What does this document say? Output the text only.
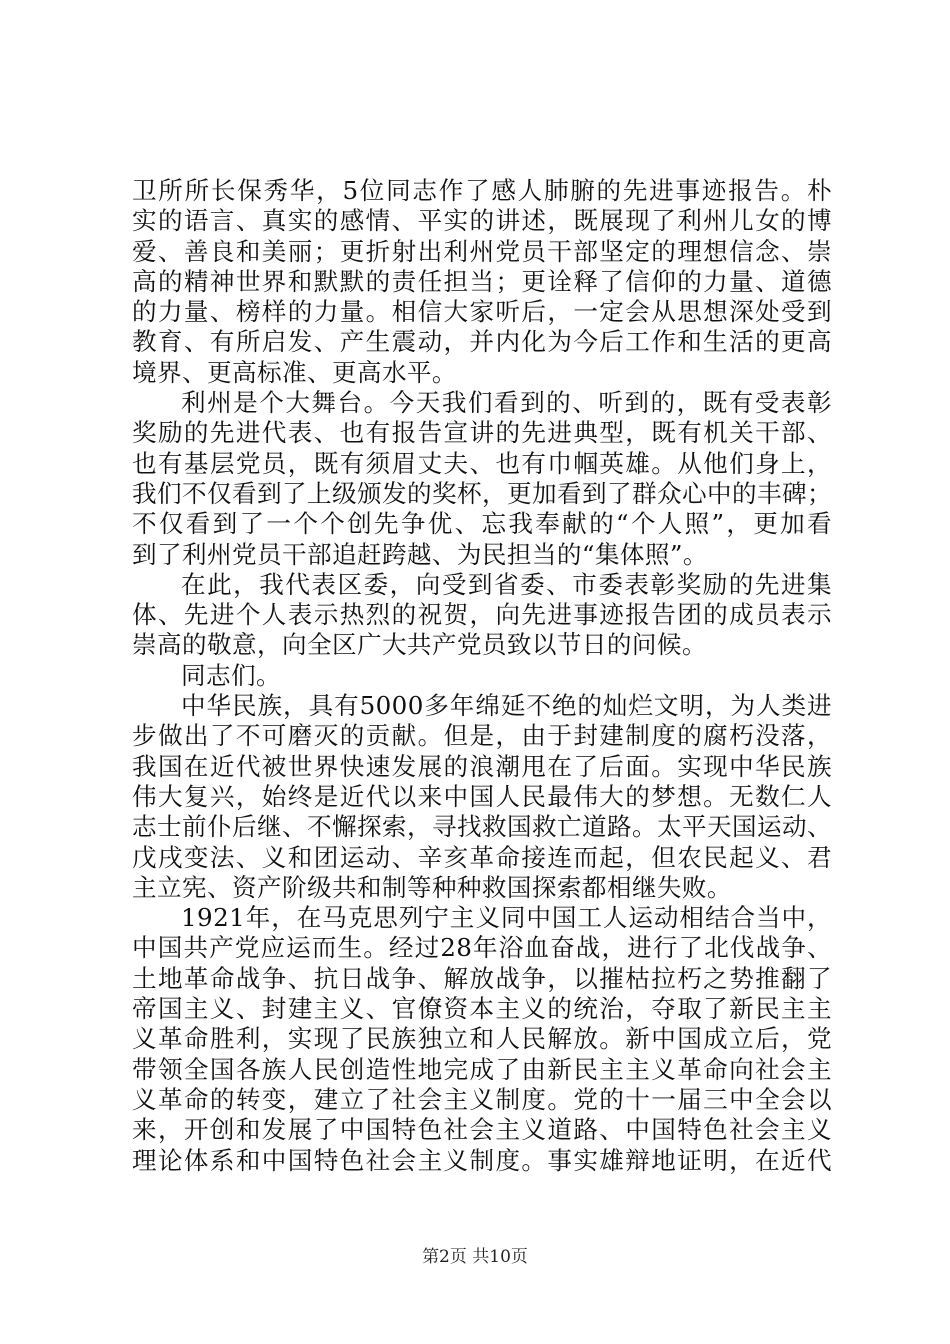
卫所所长保秀华，5位同志作了感人肺腑的先进事迹报告。朴
实的语言、真实的感情、平实的讲述，既展现了利州儿女的博
爱、善良和美丽；更折射出利州党员干部坚定的理想信念、崇
高的精神世界和默默的责任担当；更诠释了信仰的力量、道德
的力量、榜样的力量。相信大家听后，一定会从思想深处受到
教育、有所启发、产生震动，并内化为今后工作和生活的更高
境界、更高标准、更高水平。
利州是个大舞台。今天我们看到的、听到的，既有受表彰
奖励的先进代表、也有报告宣讲的先进典型，既有机关干部、
也有基层党员，既有须眉丈夫、也有巾帼英雄。从他们身上，
我们不仅看到了上级颁发的奖杯，更加看到了群众心中的丰碑；
不仅看到了一个个创先争优、忘我奉献的“个人照”，更加看
到了利州党员干部追赶跨越、为民担当的“集体照”。
在此，我代表区委，向受到省委、市委表彰奖励的先进集
体、先进个人表示热烈的祝贺，向先进事迹报告团的成员表示
崇高的敬意，向全区广大共产党员致以节日的问候。
同志们。
中华民族，具有5000多年绵延不绝的灿烂文明，为人类进
步做出了不可磨灭的贡献。但是，由于封建制度的腐朽没落，
我国在近代被世界快速发展的浪潮甩在了后面。实现中华民族
伟大复兴，始终是近代以来中国人民最伟大的梦想。无数仁人
志士前仆后继、不懈探索，寻找救国救亡道路。太平天国运动、
戊戌变法、义和团运动、辛亥革命接连而起，但农民起义、君
主立宪、资产阶级共和制等种种救国探索都相继失败。
1921年，在马克思列宁主义同中国工人运动相结合当中，
中国共产党应运而生。经过28年浴血奋战，进行了北伐战争、
土地革命战争、抗日战争、解放战争，以摧枯拉朽之势推翻了
帝国主义、封建主义、官僚资本主义的统治，夺取了新民主主
义革命胜利，实现了民族独立和人民解放。新中国成立后，党
带领全国各族人民创造性地完成了由新民主主义革命向社会主
义革命的转变，建立了社会主义制度。党的十一届三中全会以
来，开创和发展了中国特色社会主义道路、中国特色社会主义
理论体系和中国特色社会主义制度。事实雄辩地证明，在近代
第2页 共10页
